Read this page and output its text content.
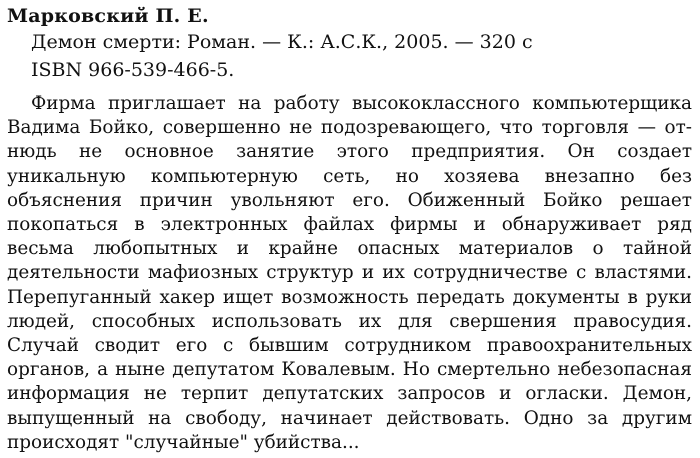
Марковский П. Е.

Демон смерти: Роман. — К.: А.С.К., 2005. — 320 с

ISBN 966-539-466-5.

Фирма приглашает на работу высококлассного компьютерщика Вадима Бойко, совершенно не подозревающего, что торговля — отнюдь не основное занятие этого предприятия. Он создает уникальную компьютерную сеть, но хозяева внезапно без объяснения причин увольняют его. Обиженный Бойко решает покопаться в электронных файлах фирмы и обнаруживает ряд весьма любопытных и крайне опасных материалов о тайной деятельности мафиозных структур и их сотрудничестве с властями. Перепуганный хакер ищет возможность передать документы в руки людей, способных использовать их для свершения правосудия. Случай сводит его с бывшим сотрудником правоохранительных органов, а ныне депутатом Ковалевым. Но смертельно небезопасная информация не терпит депутатских запросов и огласки. Демон, выпущенный на свободу, начинает действовать. Одно за другим происходят "случайные" убийства...
